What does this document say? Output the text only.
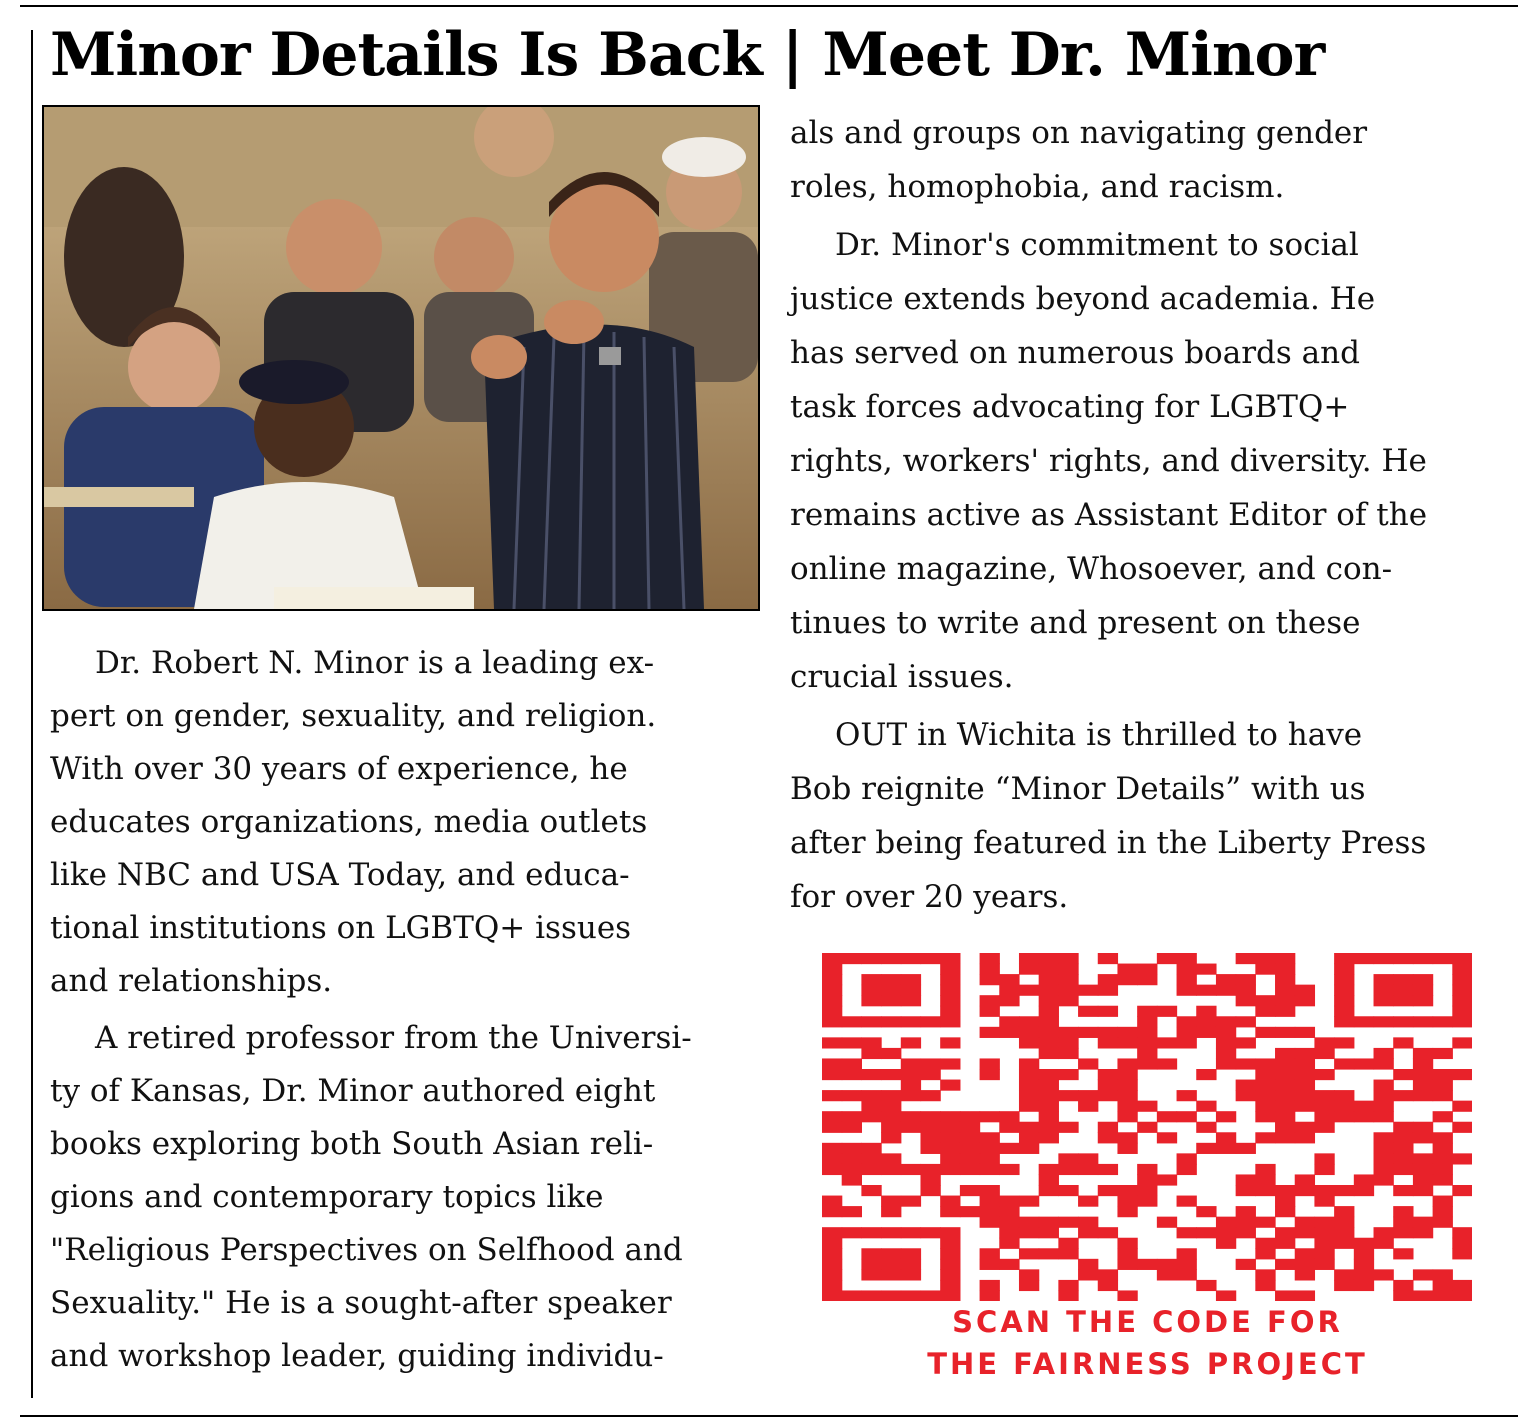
Minor Details Is Back | Meet Dr. Minor
Dr. Robert N. Minor is a leading ex-
pert on gender, sexuality, and religion.
With over 30 years of experience, he
educates organizations, media outlets
like NBC and USA Today, and educa-
tional institutions on LGBTQ+ issues
and relationships.
A retired professor from the Universi-
ty of Kansas, Dr. Minor authored eight
books exploring both South Asian reli-
gions and contemporary topics like
"Religious Perspectives on Selfhood and
Sexuality." He is a sought-after speaker
and workshop leader, guiding individu-
als and groups on navigating gender
roles, homophobia, and racism.
Dr. Minor's commitment to social
justice extends beyond academia. He
has served on numerous boards and
task forces advocating for LGBTQ+
rights, workers' rights, and diversity. He
remains active as Assistant Editor of the
online magazine, Whosoever, and con-
tinues to write and present on these
crucial issues.
OUT in Wichita is thrilled to have
Bob reignite “Minor Details” with us
after being featured in the Liberty Press
for over 20 years.
SCAN THE CODE FOR
THE FAIRNESS PROJECT
